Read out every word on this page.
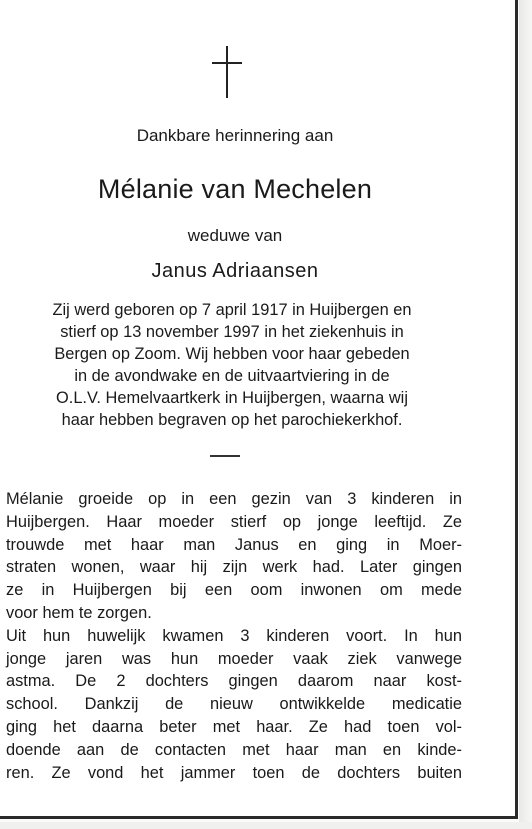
Dankbare herinnering aan
Mélanie van Mechelen
weduwe van
Janus Adriaansen
Zij werd geboren op 7 april 1917 in Huijbergen en
stierf op 13 november 1997 in het ziekenhuis in
Bergen op Zoom. Wij hebben voor haar gebeden
in de avondwake en de uitvaartviering in de
O.L.V. Hemelvaartkerk in Huijbergen, waarna wij
haar hebben begraven op het parochiekerkhof.
Mélanie groeide op in een gezin van 3 kinderen in
Huijbergen. Haar moeder stierf op jonge leeftijd. Ze
trouwde met haar man Janus en ging in Moer-
straten wonen, waar hij zijn werk had. Later gingen
ze in Huijbergen bij een oom inwonen om mede
voor hem te zorgen.
Uit hun huwelijk kwamen 3 kinderen voort. In hun
jonge jaren was hun moeder vaak ziek vanwege
astma. De 2 dochters gingen daarom naar kost-
school. Dankzij de nieuw ontwikkelde medicatie
ging het daarna beter met haar. Ze had toen vol-
doende aan de contacten met haar man en kinde-
ren. Ze vond het jammer toen de dochters buiten
